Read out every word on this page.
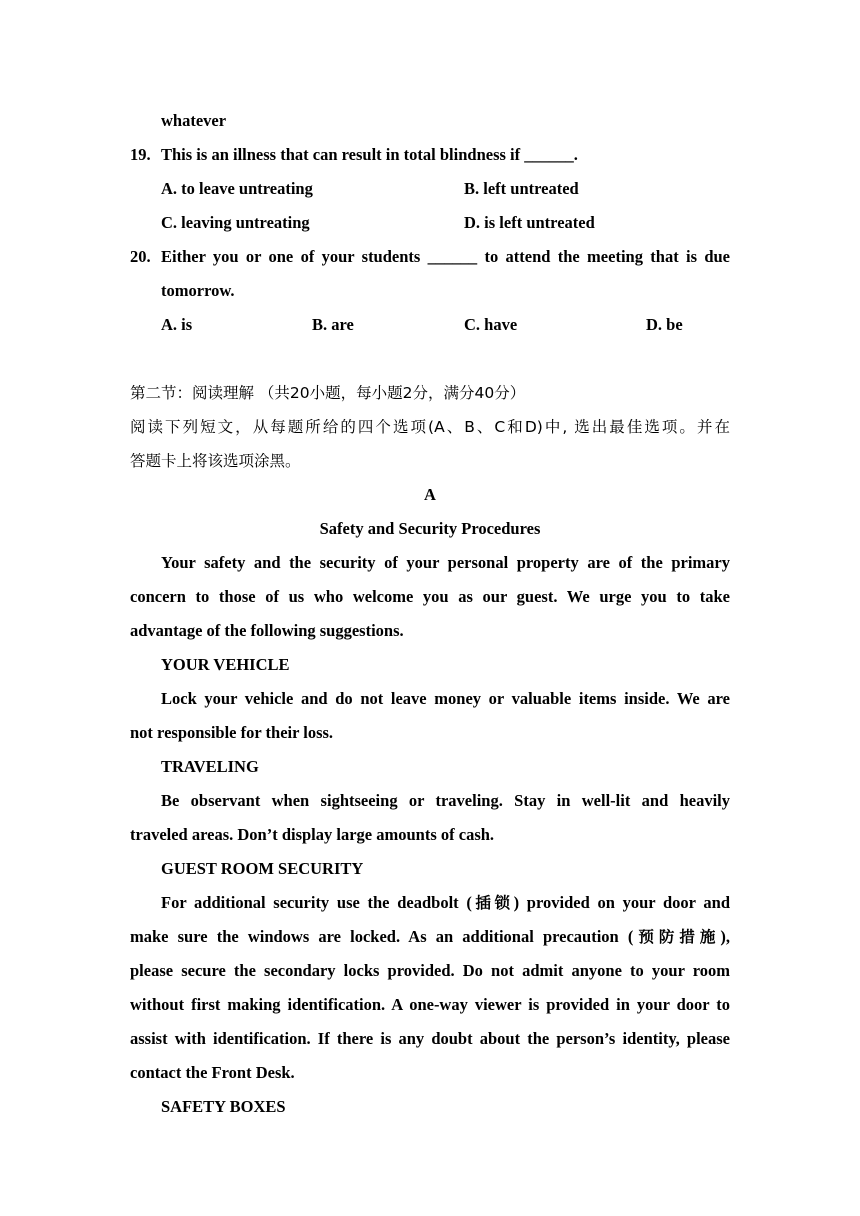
whatever
19. This is an illness that can result in total blindness if ______.
A. to leave untreating	B. left untreated
C. leaving untreating	D. is left untreated
20. Either you or one of your students ______ to attend the meeting that is due
tomorrow.
A. is	B. are	C. have	D. be
第二节：阅读理解 （共20小题，每小题2分，满分40分）
阅读下列短文，从每题所给的四个选项(A、B、C和D)中, 选出最佳选项。并在
答题卡上将该选项涂黑。
A
Safety and Security Procedures
Your safety and the security of your personal property are of the primary
concern to those of us who welcome you as our guest. We urge you to take
advantage of the following suggestions.
YOUR VEHICLE
Lock your vehicle and do not leave money or valuable items inside. We are
not responsible for their loss.
TRAVELING
Be observant when sightseeing or traveling. Stay in well-lit and heavily
traveled areas. Don’t display large amounts of cash.
GUEST ROOM SECURITY
For additional security use the deadbolt (插锁) provided on your door and
make sure the windows are locked. As an additional precaution (预防措施),
please secure the secondary locks provided. Do not admit anyone to your room
without first making identification. A one-way viewer is provided in your door to
assist with identification. If there is any doubt about the person’s identity, please
contact the Front Desk.
SAFETY BOXES
